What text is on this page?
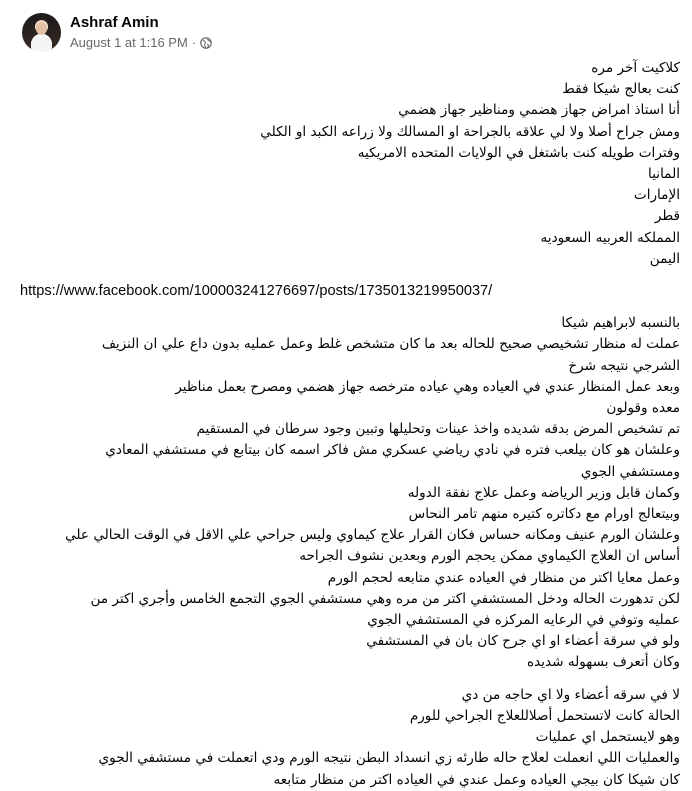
Ashraf Amin
August 1 at 1:16 PM ·
كلاكيت آخر مره
كنت بعالج شيكا فقط
أنا استاذ امراض جهاز هضمي ومناظير جهاز هضمي
ومش جراح أصلا ولا لي علاقه بالجراحة او المسالك ولا زراعه الكبد او الكلي
وفترات طويله كنت باشتغل في الولايات المتحده الامريكيه
المانيا
الإمارات
قطر
المملكه العربيه السعوديه
اليمن
https://www.facebook.com/100003241276697/posts/1735013219950037/
بالنسبه لابراهيم شيكا
عملت له منظار تشخيصي صحيح للحاله بعد ما كان متشخص غلط وعمل عمليه بدون داع علي ان النزيف
الشرجي نتيجه شرخ
وبعد عمل المنظار عندي في العياده وهي عياده مترخصه جهاز هضمي ومصرح بعمل مناظير
معده وقولون
تم تشخيص المرض بدقه شديده واخذ عينات وتحليلها وتبين وجود سرطان في المستقيم
وعلشان هو كان بيلعب فتره في نادي رياضي عسكري مش فاكر اسمه كان بيتابع في مستشفي المعادي
ومستشفي الجوي
وكمان قابل وزير الرياضه وعمل علاج نفقة الدوله
وبيتعالج اورام مع دكاتره كتيره منهم تامر النحاس
وعلشان الورم عنيف ومكانه حساس فكان القرار علاج كيماوي وليس جراحي علي الاقل في الوقت الحالي علي
أساس ان العلاج الكيماوي ممكن يحجم الورم وبعدين نشوف الجراحه
وعمل معايا اكتر من منظار في العياده عندي متابعه لحجم الورم
لكن تدهورت الحاله ودخل المستشفي اكتر من مره وهي مستشفي الجوي التجمع الخامس وأجري اكتر من
عمليه وتوفي في الرعايه المركزه في المستشفي الجوي
ولو في سرقة أعضاء او اي جرح كان بان في المستشفي
وكان أتعرف بسهوله شديده
لا في سرقه أعضاء ولا اي حاجه من دي
الحالة كانت لاتستحمل أصلاللعلاج الجراحي للورم
وهو لايستحمل اي عمليات
والعمليات اللي انعملت لعلاج حاله طارئه زي انسداد البطن نتيجه الورم ودي اتعملت في مستشفي الجوي
كان شيكا كان بيجي العياده وعمل عندي في العياده اكتر من منظار متابعه
